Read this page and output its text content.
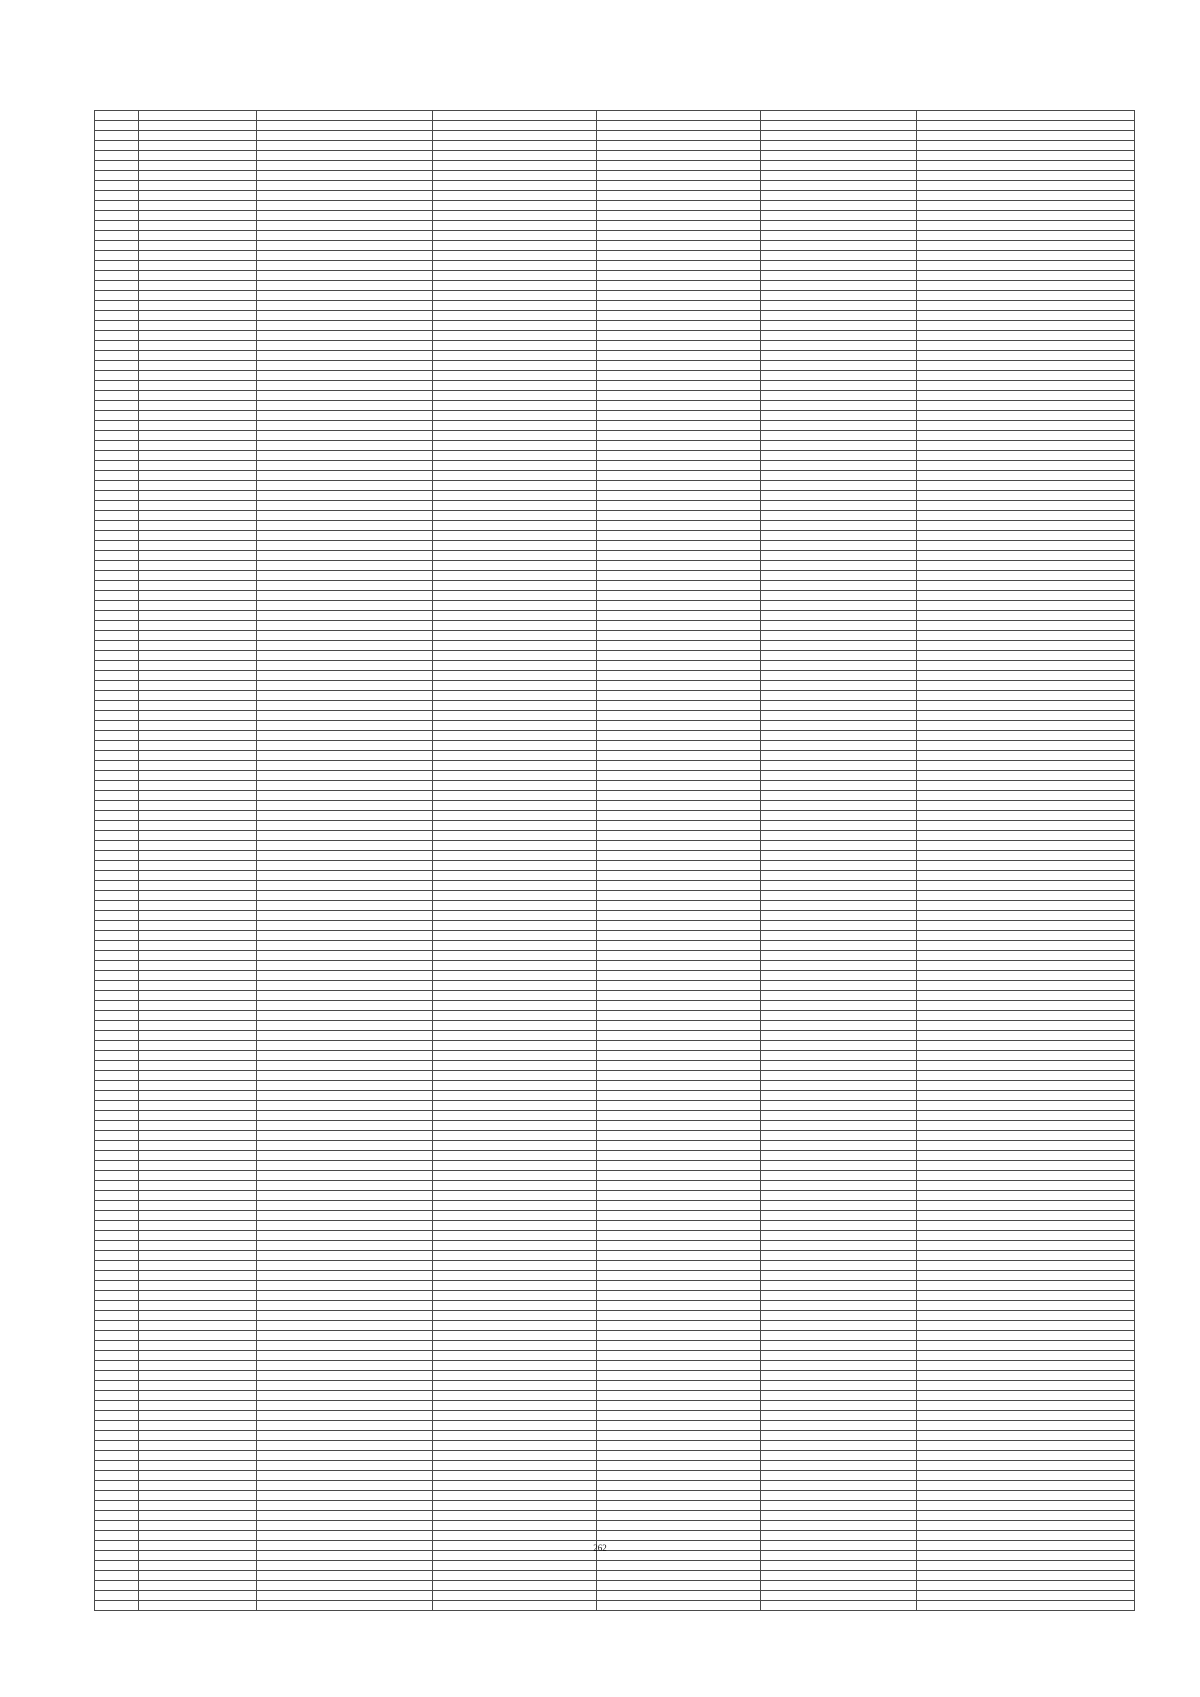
262
